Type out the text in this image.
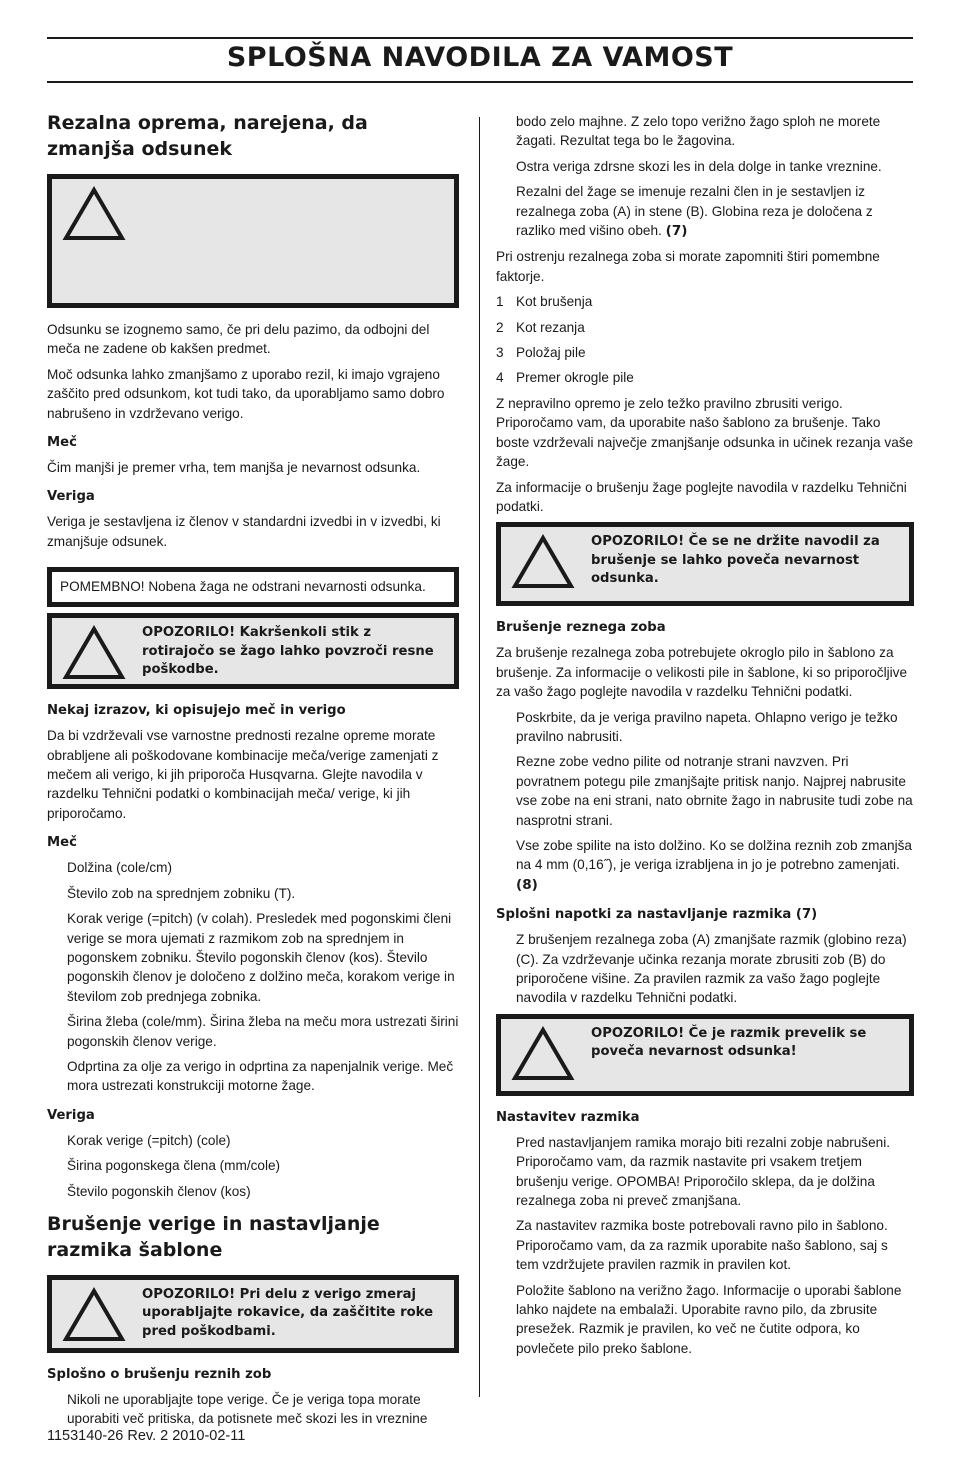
SPLOŠNA NAVODILA ZA VAMOST
Rezalna oprema, narejena, da zmanjša odsunek

Odsunku se izognemo samo, če pri delu pazimo, da odbojni del meča ne zadene ob kakšen predmet.

Moč odsunka lahko zmanjšamo z uporabo rezil, ki imajo vgrajeno zaščito pred odsunkom, kot tudi tako, da uporabljamo samo dobro nabrušeno in vzdrževano verigo.

Meč

Čim manjši je premer vrha, tem manjša je nevarnost odsunka.

Veriga

Veriga je sestavljena iz členov v standardni izvedbi in v izvedbi, ki zmanjšuje odsunek.

POMEMBNO! Nobena žaga ne odstrani nevarnosti odsunka.

OPOZORILO! Kakršenkoli stik z rotirajočo se žago lahko povzroči resne poškodbe.

Nekaj izrazov, ki opisujejo meč in verigo

Da bi vzdrževali vse varnostne prednosti rezalne opreme morate obrabljene ali poškodovane kombinacije meča/verige zamenjati z mečem ali verigo, ki jih priporoča Husqvarna. Glejte navodila v razdelku Tehnični podatki o kombinacijah meča/ verige, ki jih priporočamo.

Meč

Dolžina (cole/cm)

Število zob na sprednjem zobniku (T).

Korak verige (=pitch) (v colah). Presledek med pogonskimi členi verige se mora ujemati z razmikom zob na sprednjem in pogonskem zobniku. Število pogonskih členov (kos). Število pogonskih členov je določeno z dolžino meča, korakom verige in številom zob prednjega zobnika.

Širina žleba (cole/mm). Širina žleba na meču mora ustrezati širini pogonskih členov verige.

Odprtina za olje za verigo in odprtina za napenjalnik verige. Meč mora ustrezati konstrukciji motorne žage.

Veriga

Korak verige (=pitch) (cole)

Širina pogonskega člena (mm/cole)

Število pogonskih členov (kos)

Brušenje verige in nastavljanje razmika šablone

OPOZORILO! Pri delu z verigo zmeraj uporabljajte rokavice, da zaščitite roke pred poškodbami.

Splošno o brušenju reznih zob

Nikoli ne uporabljajte tope verige. Če je veriga topa morate uporabiti več pritiska, da potisnete meč skozi les in vreznine

bodo zelo majhne. Z zelo topo verižno žago sploh ne morete žagati. Rezultat tega bo le žagovina.

Ostra veriga zdrsne skozi les in dela dolge in tanke vreznine.

Rezalni del žage se imenuje rezalni člen in je sestavljen iz rezalnega zoba (A) in stene (B). Globina reza je določena z razliko med višino obeh. (7)

Pri ostrenju rezalnega zoba si morate zapomniti štiri pomembne faktorje.

1 Kot brušenja

2 Kot rezanja

3 Položaj pile

4 Premer okrogle pile

Z nepravilno opremo je zelo težko pravilno zbrusiti verigo. Priporočamo vam, da uporabite našo šablono za brušenje. Tako boste vzdrževali največje zmanjšanje odsunka in učinek rezanja vaše žage.

Za informacije o brušenju žage poglejte navodila v razdelku Tehnični podatki.

OPOZORILO! Če se ne držite navodil za brušenje se lahko poveča nevarnost odsunka.

Brušenje reznega zoba

Za brušenje rezalnega zoba potrebujete okroglo pilo in šablono za brušenje. Za informacije o velikosti pile in šablone, ki so priporočljive za vašo žago poglejte navodila v razdelku Tehnični podatki.

Poskrbite, da je veriga pravilno napeta. Ohlapno verigo je težko pravilno nabrusiti.

Rezne zobe vedno pilite od notranje strani navzven. Pri povratnem potegu pile zmanjšajte pritisk nanjo. Najprej nabrusite vse zobe na eni strani, nato obrnite žago in nabrusite tudi zobe na nasprotni strani.

Vse zobe spilite na isto dolžino. Ko se dolžina reznih zob zmanjša na 4 mm (0,16˝), je veriga izrabljena in jo je potrebno zamenjati. (8)

Splošni napotki za nastavljanje razmika (7)

Z brušenjem rezalnega zoba (A) zmanjšate razmik (globino reza) (C). Za vzdrževanje učinka rezanja morate zbrusiti zob (B) do priporočene višine. Za pravilen razmik za vašo žago poglejte navodila v razdelku Tehnični podatki.

OPOZORILO! Če je razmik prevelik se poveča nevarnost odsunka!

Nastavitev razmika

Pred nastavljanjem ramika morajo biti rezalni zobje nabrušeni. Priporočamo vam, da razmik nastavite pri vsakem tretjem brušenju verige. OPOMBA! Priporočilo sklepa, da je dolžina rezalnega zoba ni preveč zmanjšana.

Za nastavitev razmika boste potrebovali ravno pilo in šablono. Priporočamo vam, da za razmik uporabite našo šablono, saj s tem vzdržujete pravilen razmik in pravilen kot.

Položite šablono na verižno žago. Informacije o uporabi šablone lahko najdete na embalaži. Uporabite ravno pilo, da zbrusite presežek. Razmik je pravilen, ko več ne čutite odpora, ko povlečete pilo preko šablone.

1153140-26 Rev. 2 2010-02-11
